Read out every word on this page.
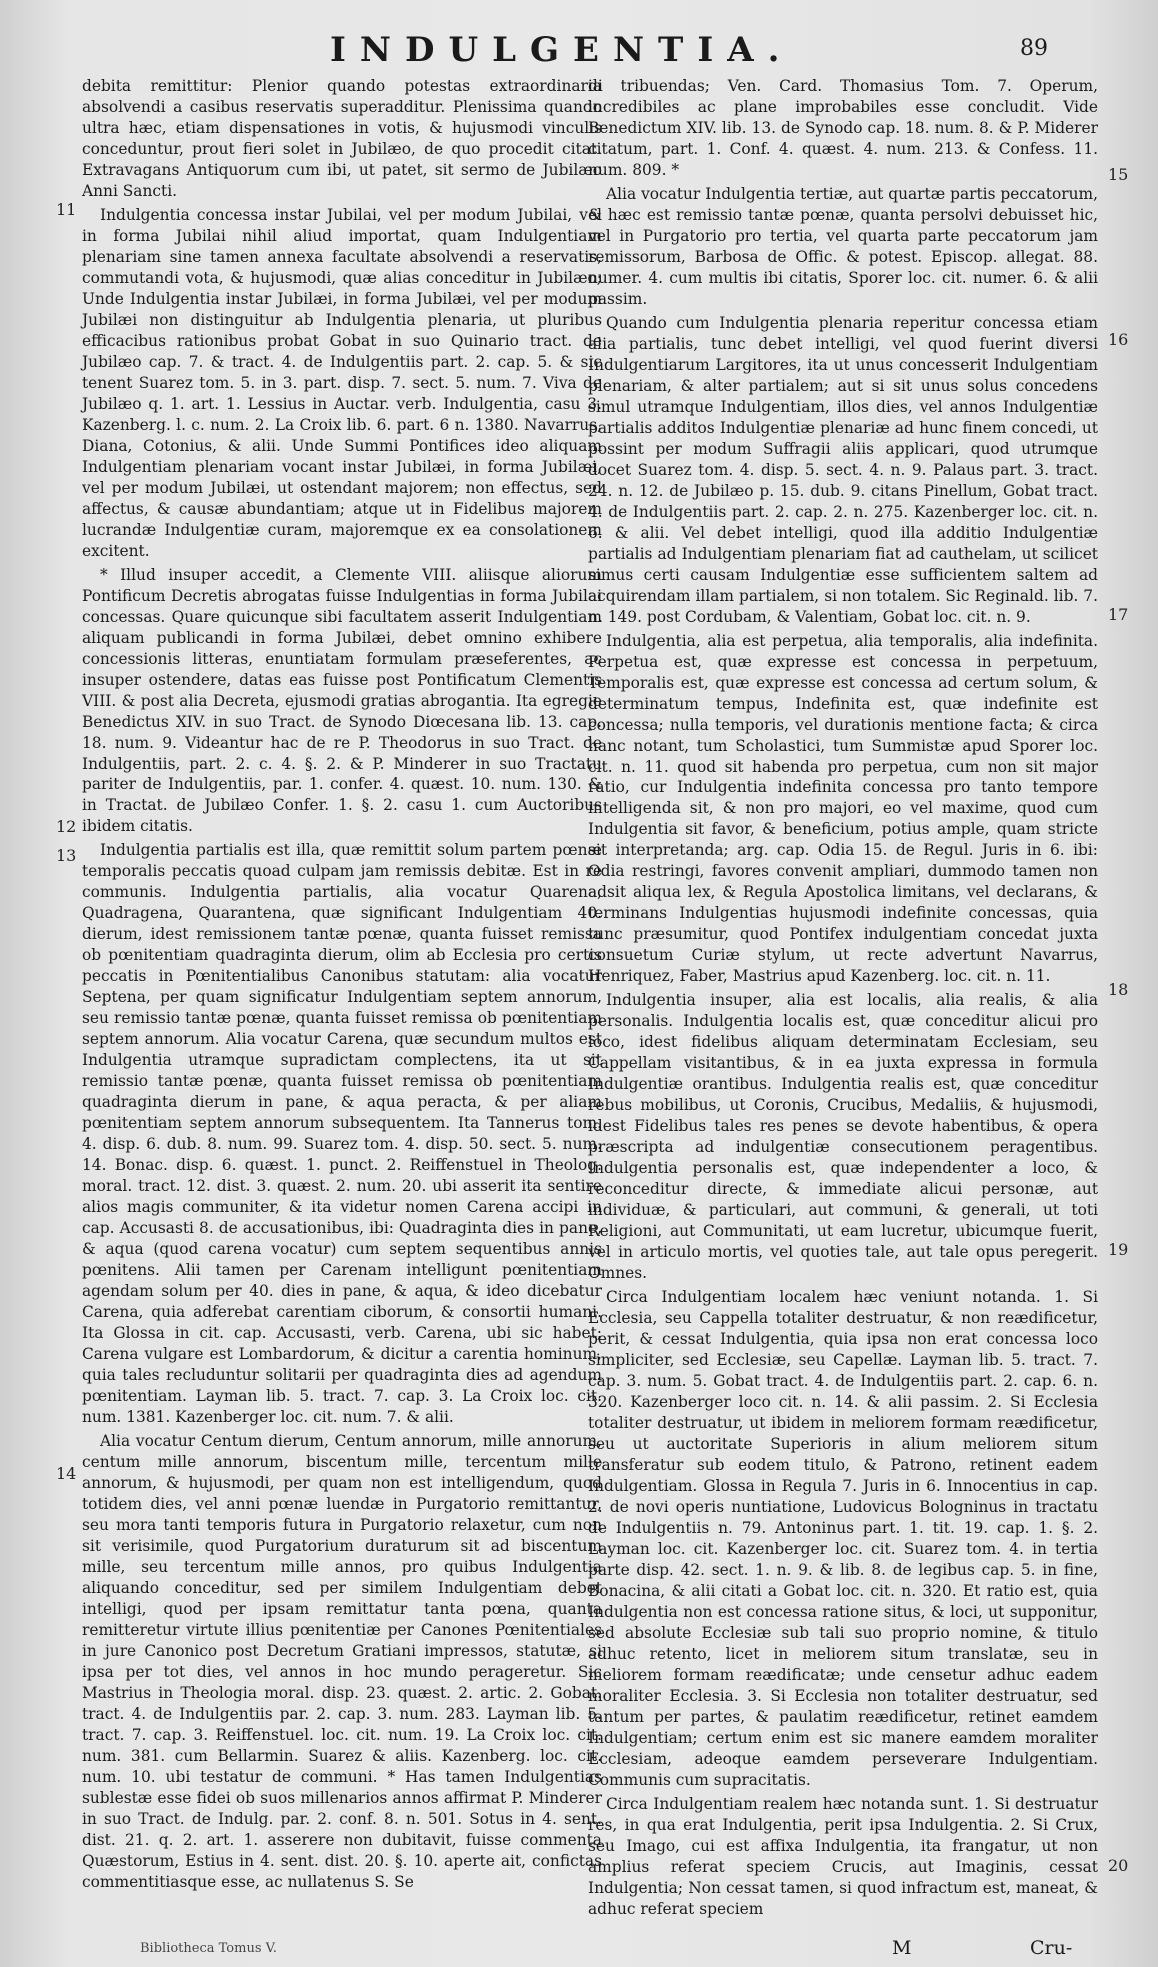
INDULGENTIA.	89
11
12
13
14
15
16
17
18
19
20

debita remittitur: Plenior quando potestas extraordinaria absolvendi a casibus reservatis superadditur. Plenissima quando ultra hæc, etiam dispensationes in votis, & hujusmodi vinculis conceduntur, prout fieri solet in Jubilæo, de quo procedit citat. Extravagans Antiquorum cum ibi, ut patet, sit sermo de Jubilæo Anni Sancti.

Indulgentia concessa instar Jubilai, vel per modum Jubilai, vel in forma Jubilai nihil aliud importat, quam Indulgentiam plenariam sine tamen annexa facultate absolvendi a reservatis, commutandi vota, & hujusmodi, quæ alias conceditur in Jubilæo; Unde Indulgentia instar Jubilæi, in forma Jubilæi, vel per modum Jubilæi non distinguitur ab Indulgentia plenaria, ut pluribus efficacibus rationibus probat Gobat in suo Quinario tract. de Jubilæo cap. 7. & tract. 4. de Indulgentiis part. 2. cap. 5. & sic tenent Suarez tom. 5. in 3. part. disp. 7. sect. 5. num. 7. Viva de Jubilæo q. 1. art. 1. Lessius in Auctar. verb. Indulgentia, casu 3. Kazenberg. l. c. num. 2. La Croix lib. 6. part. 6 n. 1380. Navarrus, Diana, Cotonius, & alii. Unde Summi Pontifices ideo aliquam Indulgentiam plenariam vocant instar Jubilæi, in forma Jubilæi, vel per modum Jubilæi, ut ostendant majorem; non effectus, sed affectus, & causæ abundantiam; atque ut in Fidelibus majorem lucrandæ Indulgentiæ curam, majoremque ex ea consolationem excitent.

* Illud insuper accedit, a Clemente VIII. aliisque aliorum Pontificum Decretis abrogatas fuisse Indulgentias in forma Jubilai concessas. Quare quicunque sibi facultatem asserit Indulgentiam aliquam publicandi in forma Jubilæi, debet omnino exhibere concessionis litteras, enuntiatam formulam præseferentes, ac insuper ostendere, datas eas fuisse post Pontificatum Clementis VIII. & post alia Decreta, ejusmodi gratias abrogantia. Ita egregie Benedictus XIV. in suo Tract. de Synodo Diœcesana lib. 13. cap. 18. num. 9. Videantur hac de re P. Theodorus in suo Tract. de Indulgentiis, part. 2. c. 4. §. 2. & P. Minderer in suo Tractatu pariter de Indulgentiis, par. 1. confer. 4. quæst. 10. num. 130. & in Tractat. de Jubilæo Confer. 1. §. 2. casu 1. cum Auctoribus ibidem citatis.

Indulgentia partialis est illa, quæ remittit solum partem pœnæ temporalis peccatis quoad culpam jam remissis debitæ. Est in re communis. Indulgentia partialis, alia vocatur Quarena, Quadragena, Quarantena, quæ significant Indulgentiam 40. dierum, idest remissionem tantæ pœnæ, quanta fuisset remissa ob pœnitentiam quadraginta dierum, olim ab Ecclesia pro certis peccatis in Pœnitentialibus Canonibus statutam: alia vocatur Septena, per quam significatur Indulgentiam septem annorum, seu remissio tantæ pœnæ, quanta fuisset remissa ob pœnitentiam septem annorum. Alia vocatur Carena, quæ secundum multos est Indulgentia utramque supradictam complectens, ita ut sit remissio tantæ pœnæ, quanta fuisset remissa ob pœnitentiam quadraginta dierum in pane, & aqua peracta, & per aliam pœnitentiam septem annorum subsequentem. Ita Tannerus tom. 4. disp. 6. dub. 8. num. 99. Suarez tom. 4. disp. 50. sect. 5. num. 14. Bonac. disp. 6. quæst. 1. punct. 2. Reiffenstuel in Theolog. moral. tract. 12. dist. 3. quæst. 2. num. 20. ubi asserit ita sentire alios magis communiter, & ita videtur nomen Carena accipi in cap. Accusasti 8. de accusationibus, ibi: Quadraginta dies in pane, & aqua (quod carena vocatur) cum septem sequentibus annis pœnitens. Alii tamen per Carenam intelligunt pœnitentiam agendam solum per 40. dies in pane, & aqua, & ideo dicebatur Carena, quia adferebat carentiam ciborum, & consortii humani. Ita Glossa in cit. cap. Accusasti, verb. Carena, ubi sic habet; Carena vulgare est Lombardorum, & dicitur a carentia hominum, quia tales recluduntur solitarii per quadraginta dies ad agendum pœnitentiam. Layman lib. 5. tract. 7. cap. 3. La Croix loc. cit. num. 1381. Kazenberger loc. cit. num. 7. & alii.

Alia vocatur Centum dierum, Centum annorum, mille annorum, centum mille annorum, biscentum mille, tercentum mille annorum, & hujusmodi, per quam non est intelligendum, quod totidem dies, vel anni pœnæ luendæ in Purgatorio remittantur, seu mora tanti temporis futura in Purgatorio relaxetur, cum non sit verisimile, quod Purgatorium duraturum sit ad biscentum mille, seu tercentum mille annos, pro quibus Indulgentia aliquando conceditur, sed per similem Indulgentiam debet intelligi, quod per ipsam remittatur tanta pœna, quanta remitteretur virtute illius pœnitentiæ per Canones Pœnitentiales in jure Canonico post Decretum Gratiani impressos, statutæ, si ipsa per tot dies, vel annos in hoc mundo perageretur. Sic Mastrius in Theologia moral. disp. 23. quæst. 2. artic. 2. Gobat. tract. 4. de Indulgentiis par. 2. cap. 3. num. 283. Layman lib. 5. tract. 7. cap. 3. Reiffenstuel. loc. cit. num. 19. La Croix loc. cit. num. 381. cum Bellarmin. Suarez & aliis. Kazenberg. loc. cit. num. 10. ubi testatur de communi. * Has tamen Indulgentias sublestæ esse fidei ob suos millenarios annos affirmat P. Minderer in suo Tract. de Indulg. par. 2. conf. 8. n. 501. Sotus in 4. sent. dist. 21. q. 2. art. 1. asserere non dubitavit, fuisse commenta Quæstorum, Estius in 4. sent. dist. 20. §. 10. aperte ait, confictas commentitiasque esse, ac nullatenus S. Se

di tribuendas; Ven. Card. Thomasius Tom. 7. Operum, incredibiles ac plane improbabiles esse concludit. Vide Benedictum XIV. lib. 13. de Synodo cap. 18. num. 8. & P. Miderer citatum, part. 1. Conf. 4. quæst. 4. num. 213. & Confess. 11. num. 809. *

Alia vocatur Indulgentia tertiæ, aut quartæ partis peccatorum, & hæc est remissio tantæ pœnæ, quanta persolvi debuisset hic, vel in Purgatorio pro tertia, vel quarta parte peccatorum jam remissorum, Barbosa de Offic. & potest. Episcop. allegat. 88. numer. 4. cum multis ibi citatis, Sporer loc. cit. numer. 6. & alii passim.

Quando cum Indulgentia plenaria reperitur concessa etiam alia partialis, tunc debet intelligi, vel quod fuerint diversi Indulgentiarum Largitores, ita ut unus concesserit Indulgentiam plenariam, & alter partialem; aut si sit unus solus concedens simul utramque Indulgentiam, illos dies, vel annos Indulgentiæ partialis additos Indulgentiæ plenariæ ad hunc finem concedi, ut possint per modum Suffragii aliis applicari, quod utrumque docet Suarez tom. 4. disp. 5. sect. 4. n. 9. Palaus part. 3. tract. 24. n. 12. de Jubilæo p. 15. dub. 9. citans Pinellum, Gobat tract. 4. de Indulgentiis part. 2. cap. 2. n. 275. Kazenberger loc. cit. n. 6. & alii. Vel debet intelligi, quod illa additio Indulgentiæ partialis ad Indulgentiam plenariam fiat ad cauthelam, ut scilicet simus certi causam Indulgentiæ esse sufficientem saltem ad acquirendam illam partialem, si non totalem. Sic Reginald. lib. 7. n. 149. post Cordubam, & Valentiam, Gobat loc. cit. n. 9.

Indulgentia, alia est perpetua, alia temporalis, alia indefinita. Perpetua est, quæ expresse est concessa in perpetuum, Temporalis est, quæ expresse est concessa ad certum solum, & determinatum tempus, Indefinita est, quæ indefinite est concessa; nulla temporis, vel durationis mentione facta; & circa hanc notant, tum Scholastici, tum Summistæ apud Sporer loc. cit. n. 11. quod sit habenda pro perpetua, cum non sit major ratio, cur Indulgentia indefinita concessa pro tanto tempore intelligenda sit, & non pro majori, eo vel maxime, quod cum Indulgentia sit favor, & beneficium, potius ample, quam stricte sit interpretanda; arg. cap. Odia 15. de Regul. Juris in 6. ibi: Odia restringi, favores convenit ampliari, dummodo tamen non adsit aliqua lex, & Regula Apostolica limitans, vel declarans, & terminans Indulgentias hujusmodi indefinite concessas, quia tunc præsumitur, quod Pontifex indulgentiam concedat juxta consuetum Curiæ stylum, ut recte advertunt Navarrus, Henriquez, Faber, Mastrius apud Kazenberg. loc. cit. n. 11.

Indulgentia insuper, alia est localis, alia realis, & alia personalis. Indulgentia localis est, quæ conceditur alicui pro loco, idest fidelibus aliquam determinatam Ecclesiam, seu Cappellam visitantibus, & in ea juxta expressa in formula Indulgentiæ orantibus. Indulgentia realis est, quæ conceditur rebus mobilibus, ut Coronis, Crucibus, Medaliis, & hujusmodi, idest Fidelibus tales res penes se devote habentibus, & opera præscripta ad indulgentiæ consecutionem peragentibus. Indulgentia personalis est, quæ independenter a loco, & reconceditur directe, & immediate alicui personæ, aut individuæ, & particulari, aut communi, & generali, ut toti Religioni, aut Communitati, ut eam lucretur, ubicumque fuerit, vel in articulo mortis, vel quoties tale, aut tale opus peregerit. Omnes.

Circa Indulgentiam localem hæc veniunt notanda. 1. Si Ecclesia, seu Cappella totaliter destruatur, & non reædificetur, perit, & cessat Indulgentia, quia ipsa non erat concessa loco simpliciter, sed Ecclesiæ, seu Capellæ. Layman lib. 5. tract. 7. cap. 3. num. 5. Gobat tract. 4. de Indulgentiis part. 2. cap. 6. n. 320. Kazenberger loco cit. n. 14. & alii passim. 2. Si Ecclesia totaliter destruatur, ut ibidem in meliorem formam reædificetur, seu ut auctoritate Superioris in alium meliorem situm transferatur sub eodem titulo, & Patrono, retinent eadem Indulgentiam. Glossa in Regula 7. Juris in 6. Innocentius in cap. 2. de novi operis nuntiatione, Ludovicus Bologninus in tractatu de Indulgentiis n. 79. Antoninus part. 1. tit. 19. cap. 1. §. 2. Layman loc. cit. Kazenberger loc. cit. Suarez tom. 4. in tertia parte disp. 42. sect. 1. n. 9. & lib. 8. de legibus cap. 5. in fine, Bonacina, & alii citati a Gobat loc. cit. n. 320. Et ratio est, quia Indulgentia non est concessa ratione situs, & loci, ut supponitur, sed absolute Ecclesiæ sub tali suo proprio nomine, & titulo adhuc retento, licet in meliorem situm translatæ, seu in meliorem formam reædificatæ; unde censetur adhuc eadem moraliter Ecclesia. 3. Si Ecclesia non totaliter destruatur, sed tantum per partes, & paulatim reædificetur, retinet eamdem Indulgentiam; certum enim est sic manere eamdem moraliter Ecclesiam, adeoque eamdem perseverare Indulgentiam. Communis cum supracitatis.

Circa Indulgentiam realem hæc notanda sunt. 1. Si destruatur res, in qua erat Indulgentia, perit ipsa Indulgentia. 2. Si Crux, seu Imago, cui est affixa Indulgentia, ita frangatur, ut non amplius referat speciem Crucis, aut Imaginis, cessat Indulgentia; Non cessat tamen, si quod infractum est, maneat, & adhuc referat speciem

Bibliotheca Tomus V.	M	Cru-
